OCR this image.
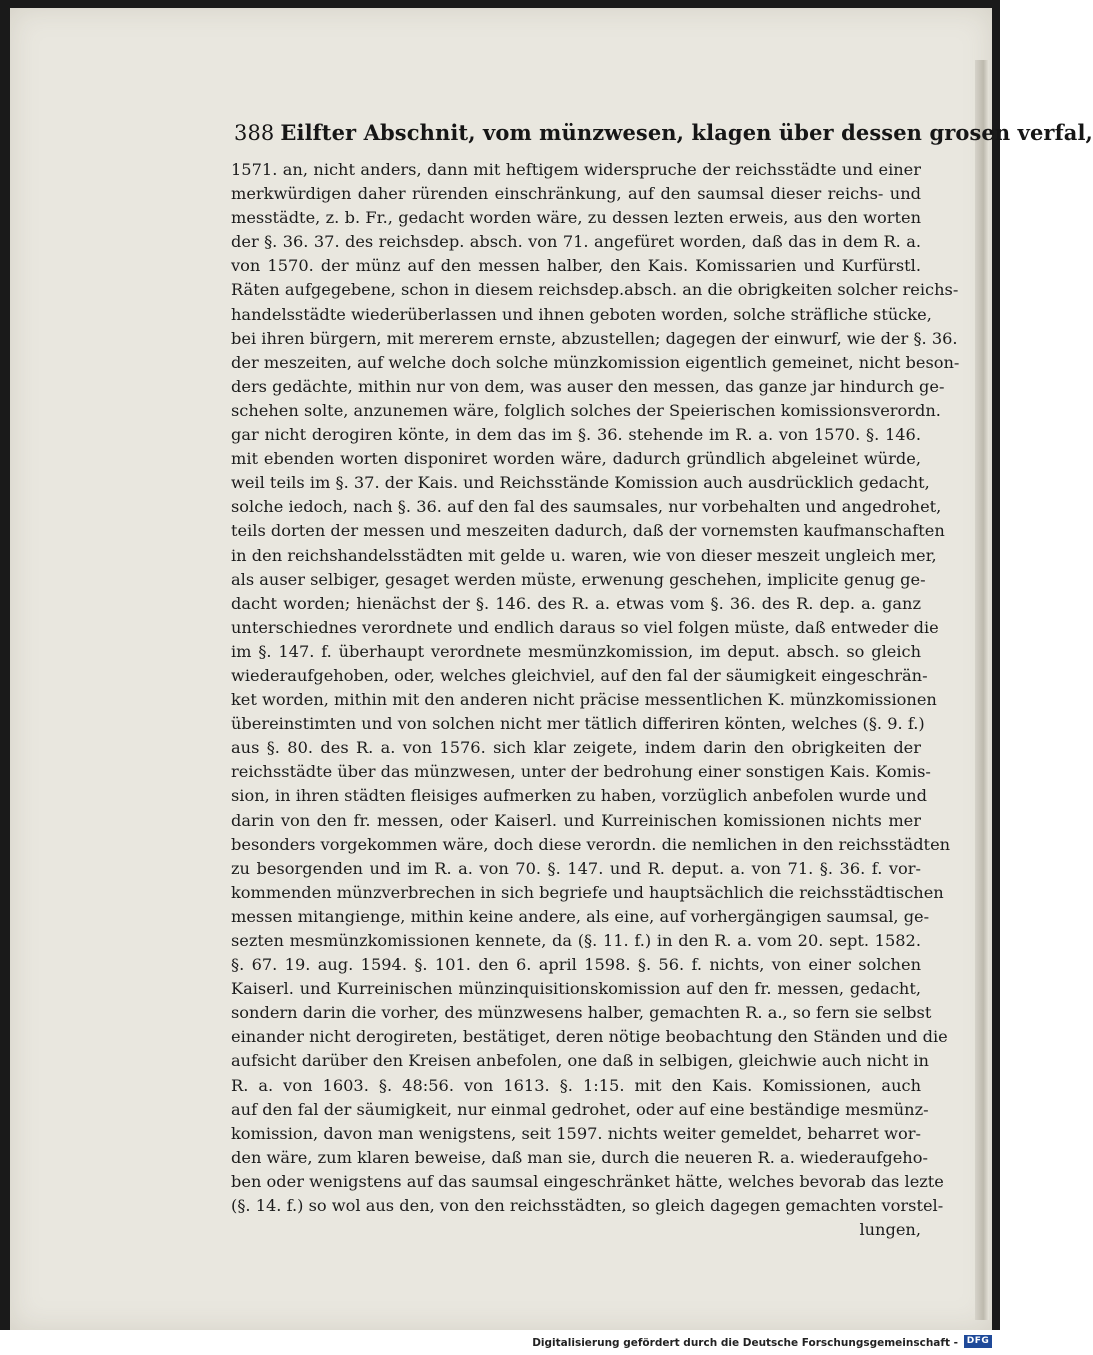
388 Eilfter Abschnit, vom münzwesen, klagen über dessen grosen verfal,
1571. an, nicht anders, dann mit heftigem widerspruche der reichsstädte und einer
merkwürdigen daher rürenden einschränkung, auf den saumsal dieser reichs- und
messtädte, z. b. Fr., gedacht worden wäre, zu dessen lezten erweis, aus den worten
der §. 36. 37. des reichsdep. absch. von 71. angefüret worden, daß das in dem R. a.
von 1570. der münz auf den messen halber, den Kais. Komissarien und Kurfürstl.
Räten aufgegebene, schon in diesem reichsdep.absch. an die obrigkeiten solcher reichs-
handelsstädte wiederüberlassen und ihnen geboten worden, solche sträfliche stücke,
bei ihren bürgern, mit mererem ernste, abzustellen; dagegen der einwurf, wie der §. 36.
der meszeiten, auf welche doch solche münzkomission eigentlich gemeinet, nicht beson-
ders gedächte, mithin nur von dem, was auser den messen, das ganze jar hindurch ge-
schehen solte, anzunemen wäre, folglich solches der Speierischen komissionsverordn.
gar nicht derogiren könte, in dem das im §. 36. stehende im R. a. von 1570. §. 146.
mit ebenden worten disponiret worden wäre, dadurch gründlich abgeleinet würde,
weil teils im §. 37. der Kais. und Reichsstände Komission auch ausdrücklich gedacht,
solche iedoch, nach §. 36. auf den fal des saumsales, nur vorbehalten und angedrohet,
teils dorten der messen und meszeiten dadurch, daß der vornemsten kaufmanschaften
in den reichshandelsstädten mit gelde u. waren, wie von dieser meszeit ungleich mer,
als auser selbiger, gesaget werden müste, erwenung geschehen, implicite genug ge-
dacht worden; hienächst der §. 146. des R. a. etwas vom §. 36. des R. dep. a. ganz
unterschiednes verordnete und endlich daraus so viel folgen müste, daß entweder die
im §. 147. f. überhaupt verordnete mesmünzkomission, im deput. absch. so gleich
wiederaufgehoben, oder, welches gleichviel, auf den fal der säumigkeit eingeschrän-
ket worden, mithin mit den anderen nicht präcise messentlichen K. münzkomissionen
übereinstimten und von solchen nicht mer tätlich differiren könten, welches (§. 9. f.)
aus §. 80. des R. a. von 1576. sich klar zeigete, indem darin den obrigkeiten der
reichsstädte über das münzwesen, unter der bedrohung einer sonstigen Kais. Komis-
sion, in ihren städten fleisiges aufmerken zu haben, vorzüglich anbefolen wurde und
darin von den fr. messen, oder Kaiserl. und Kurreinischen komissionen nichts mer
besonders vorgekommen wäre, doch diese verordn. die nemlichen in den reichsstädten
zu besorgenden und im R. a. von 70. §. 147. und R. deput. a. von 71. §. 36. f. vor-
kommenden münzverbrechen in sich begriefe und hauptsächlich die reichsstädtischen
messen mitangienge, mithin keine andere, als eine, auf vorhergängigen saumsal, ge-
sezten mesmünzkomissionen kennete, da (§. 11. f.) in den R. a. vom 20. sept. 1582.
§. 67. 19. aug. 1594. §. 101. den 6. april 1598. §. 56. f. nichts, von einer solchen
Kaiserl. und Kurreinischen münzinquisitionskomission auf den fr. messen, gedacht,
sondern darin die vorher, des münzwesens halber, gemachten R. a., so fern sie selbst
einander nicht derogireten, bestätiget, deren nötige beobachtung den Ständen und die
aufsicht darüber den Kreisen anbefolen, one daß in selbigen, gleichwie auch nicht in
R. a. von 1603. §. 48:56. von 1613. §. 1:15. mit den Kais. Komissionen, auch
auf den fal der säumigkeit, nur einmal gedrohet, oder auf eine beständige mesmünz-
komission, davon man wenigstens, seit 1597. nichts weiter gemeldet, beharret wor-
den wäre, zum klaren beweise, daß man sie, durch die neueren R. a. wiederaufgeho-
ben oder wenigstens auf das saumsal eingeschränket hätte, welches bevorab das lezte
(§. 14. f.) so wol aus den, von den reichsstädten, so gleich dagegen gemachten vorstel-
lungen,
Digitalisierung gefördert durch die Deutsche Forschungsgemeinschaft - DFG
